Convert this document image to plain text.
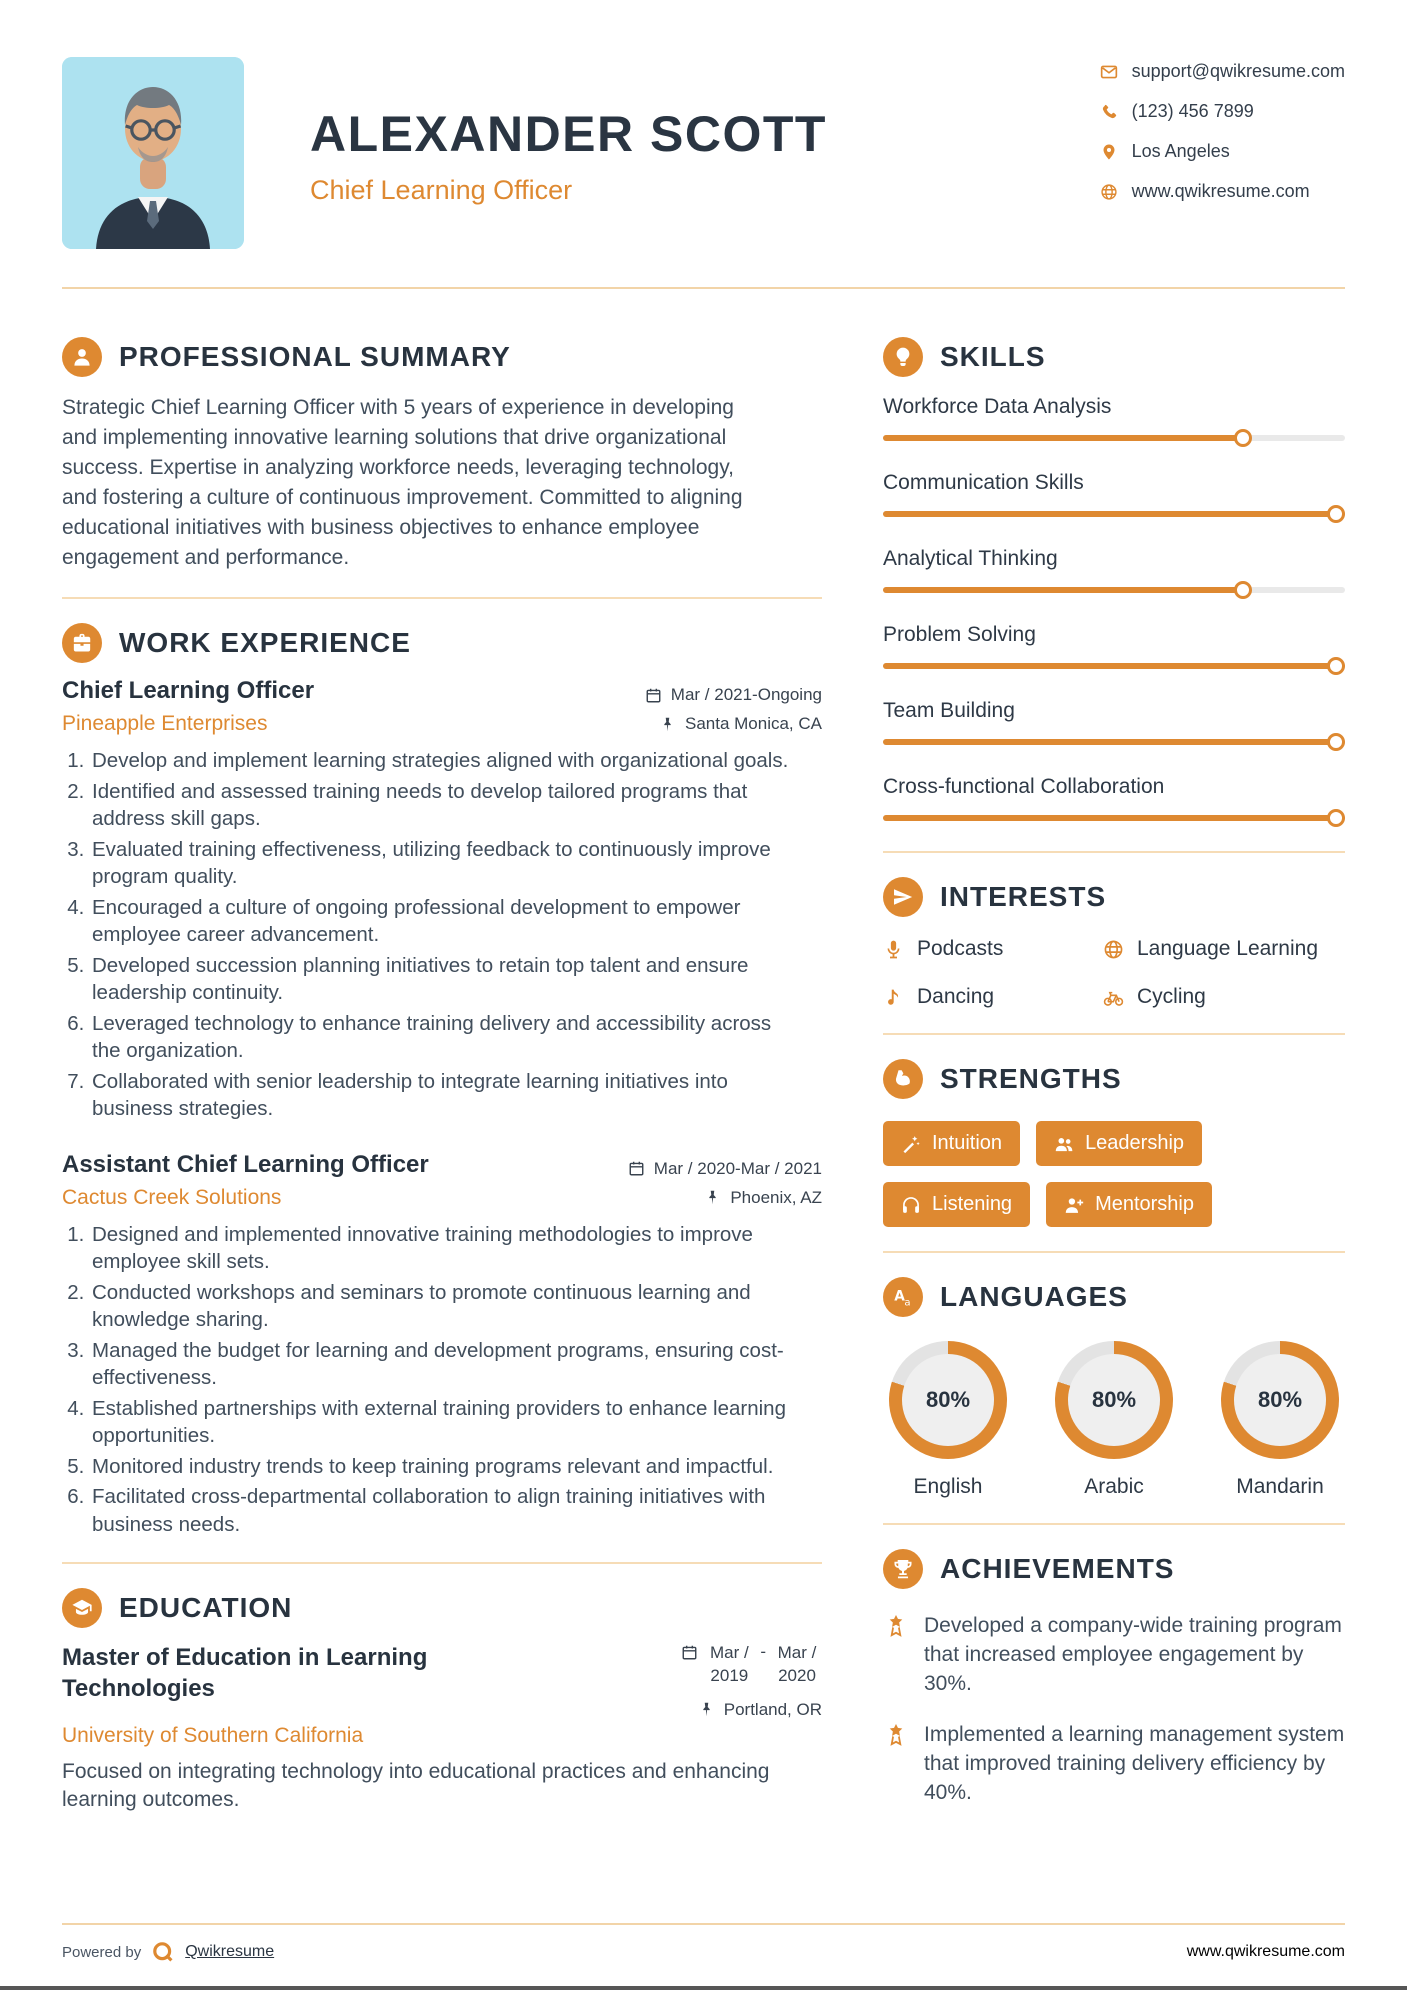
ALEXANDER SCOTT
Chief Learning Officer
support@qwikresume.com
(123) 456 7899
Los Angeles
www.qwikresume.com
PROFESSIONAL SUMMARY

Strategic Chief Learning Officer with 5 years of experience in developing and implementing innovative learning solutions that drive organizational success. Expertise in analyzing workforce needs, leveraging technology, and fostering a culture of continuous improvement. Committed to aligning educational initiatives with business objectives to enhance employee engagement and performance.

WORK EXPERIENCE
Chief Learning Officer	Mar / 2021-Ongoing
Pineapple Enterprises	Santa Monica, CA
1. Develop and implement learning strategies aligned with organizational goals.
2. Identified and assessed training needs to develop tailored programs that address skill gaps.
3. Evaluated training effectiveness, utilizing feedback to continuously improve program quality.
4. Encouraged a culture of ongoing professional development to empower employee career advancement.
5. Developed succession planning initiatives to retain top talent and ensure leadership continuity.
6. Leveraged technology to enhance training delivery and accessibility across the organization.
7. Collaborated with senior leadership to integrate learning initiatives into business strategies.
Assistant Chief Learning Officer	Mar / 2020-Mar / 2021
Cactus Creek Solutions	Phoenix, AZ
1. Designed and implemented innovative training methodologies to improve employee skill sets.
2. Conducted workshops and seminars to promote continuous learning and knowledge sharing.
3. Managed the budget for learning and development programs, ensuring cost-effectiveness.
4. Established partnerships with external training providers to enhance learning opportunities.
5. Monitored industry trends to keep training programs relevant and impactful.
6. Facilitated cross-departmental collaboration to align training initiatives with business needs.
EDUCATION
Master of Education in Learning Technologies
Mar / 2019
- Mar / 2020
Portland, OR
University of Southern California

Focused on integrating technology into educational practices and enhancing learning outcomes.

SKILLS
Workforce Data Analysis
Communication Skills
Analytical Thinking
Problem Solving
Team Building
Cross-functional Collaboration
INTERESTS
Podcasts	Language Learning
Dancing	Cycling
STRENGTHS
Intuition	Leadership
Listening	Mentorship
A a LANGUAGES
80%
English
80%
Arabic
80%
Mandarin
ACHIEVEMENTS

Developed a company-wide training program that increased employee engagement by 30%.

Implemented a learning management system that improved training delivery efficiency by 40%.

Powered by	Qwikresume	www.qwikresume.com
